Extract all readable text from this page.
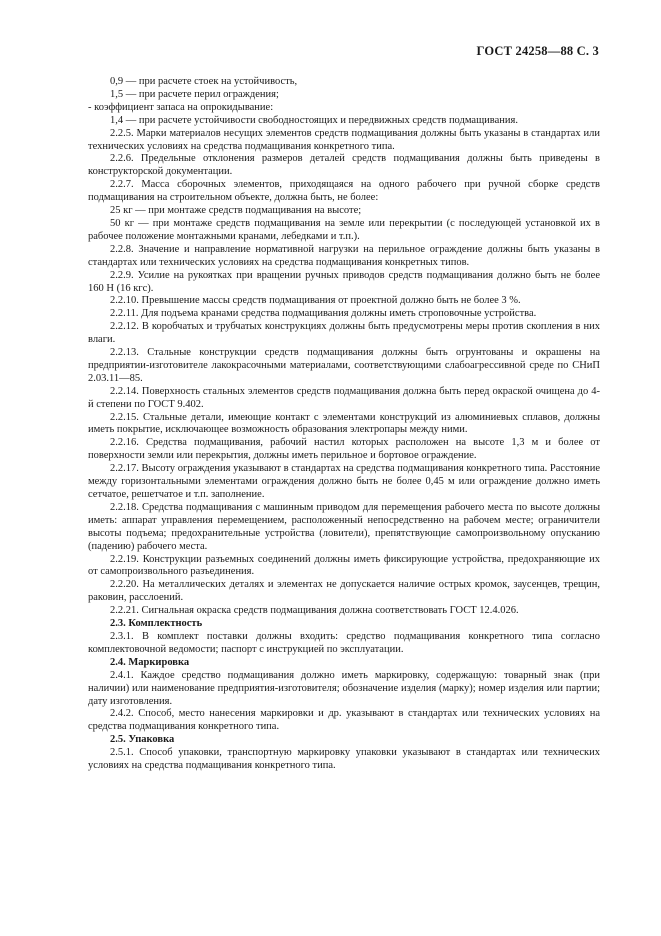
ГОСТ 24258—88 С. 3

0,9 — при расчете стоек на устойчивость,

1,5 — при расчете перил ограждения;

- коэффициент запаса на опрокидывание:

1,4 — при расчете устойчивости свободностоящих и передвижных средств подмащивания.

2.2.5. Марки материалов несущих элементов средств подмащивания должны быть указаны в стандартах или технических условиях на средства подмащивания конкретного типа.

2.2.6. Предельные отклонения размеров деталей средств подмащивания должны быть приведены в конструкторской документации.

2.2.7. Масса сборочных элементов, приходящаяся на одного рабочего при ручной сборке средств подмащивания на строительном объекте, должна быть, не более:

25 кг — при монтаже средств подмащивания на высоте;

50 кг — при монтаже средств подмащивания на земле или перекрытии (с последующей установкой их в рабочее положение монтажными кранами, лебедками и т.п.).

2.2.8. Значение и направление нормативной нагрузки на перильное ограждение должны быть указаны в стандартах или технических условиях на средства подмащивания конкретных типов.

2.2.9. Усилие на рукоятках при вращении ручных приводов средств подмащивания должно быть не более 160 Н (16 кгс).

2.2.10. Превышение массы средств подмащивания от проектной должно быть не более 3 %.

2.2.11. Для подъема кранами средства подмащивания должны иметь строповочные устройства.

2.2.12. В коробчатых и трубчатых конструкциях должны быть предусмотрены меры против скопления в них влаги.

2.2.13. Стальные конструкции средств подмащивания должны быть огрунтованы и окрашены на предприятии-изготовителе лакокрасочными материалами, соответствующими слабоагрессивной среде по СНиП 2.03.11—85.

2.2.14. Поверхность стальных элементов средств подмащивания должна быть перед окраской очищена до 4-й степени по ГОСТ 9.402.

2.2.15. Стальные детали, имеющие контакт с элементами конструкций из алюминиевых сплавов, должны иметь покрытие, исключающее возможность образования электропары между ними.

2.2.16. Средства подмащивания, рабочий настил которых расположен на высоте 1,3 м и более от поверхности земли или перекрытия, должны иметь перильное и бортовое ограждение.

2.2.17. Высоту ограждения указывают в стандартах на средства подмащивания конкретного типа. Расстояние между горизонтальными элементами ограждения должно быть не более 0,45 м или ограждение должно иметь сетчатое, решетчатое и т.п. заполнение.

2.2.18. Средства подмащивания с машинным приводом для перемещения рабочего места по высоте должны иметь: аппарат управления перемещением, расположенный непосредственно на рабочем месте; ограничители высоты подъема; предохранительные устройства (ловители), препятствующие самопроизвольному опусканию (падению) рабочего места.

2.2.19. Конструкции разъемных соединений должны иметь фиксирующие устройства, предохраняющие их от самопроизвольного разъединения.

2.2.20. На металлических деталях и элементах не допускается наличие острых кромок, заусенцев, трещин, раковин, расслоений.

2.2.21. Сигнальная окраска средств подмащивания должна соответствовать ГОСТ 12.4.026.

2.3. Комплектность

2.3.1. В комплект поставки должны входить: средство подмащивания конкретного типа согласно комплектовочной ведомости; паспорт с инструкцией по эксплуатации.

2.4. Маркировка

2.4.1. Каждое средство подмащивания должно иметь маркировку, содержащую: товарный знак (при наличии) или наименование предприятия-изготовителя; обозначение изделия (марку); номер изделия или партии; дату изготовления.

2.4.2. Способ, место нанесения маркировки и др. указывают в стандартах или технических условиях на средства подмащивания конкретного типа.

2.5. Упаковка

2.5.1. Способ упаковки, транспортную маркировку упаковки указывают в стандартах или технических условиях на средства подмащивания конкретного типа.
